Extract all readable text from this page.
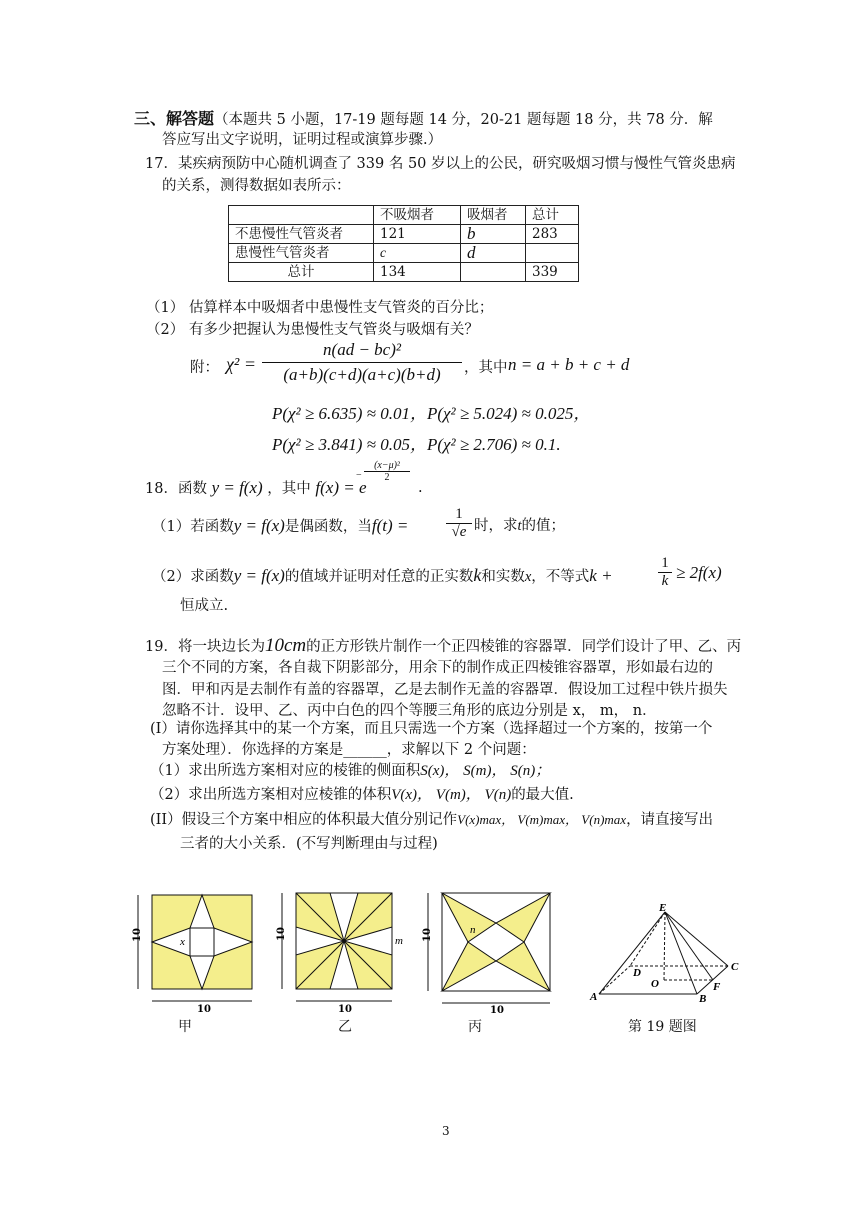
三、解答题（本题共 5 小题，17-19 题每题 14 分，20-21 题每题 18 分，共 78 分．解
答应写出文字说明，证明过程或演算步骤.）
17．某疾病预防中心随机调查了 339 名 50 岁以上的公民，研究吸烟习惯与慢性气管炎患病
的关系，测得数据如表所示：
	不吸烟者	吸烟者	总计
不患慢性气管炎者	121	b	283
患慢性气管炎者	c	d	
总计	134		339
（1） 估算样本中吸烟者中患慢性支气管炎的百分比；
（2） 有多少把握认为患慢性支气管炎与吸烟有关？
附： $\chi^2 = \frac{\text{n(ad − bc)²}}{(a+b)(c+d)(a+c)(b+d)}$ ，其中 n = a + b + c + d
P(χ² ≥ 6.635) ≈ 0.01，P(χ² ≥ 5.024) ≈ 0.025，
P(χ² ≥ 3.841) ≈ 0.05，P(χ² ≥ 2.706) ≈ 0.1.
18．函数 y = f(x) ，其中 f(x) = e
−
(x−μ)²
2
.
（1）若函数y = f(x)是偶函数，当f(t) =	$\frac{1}{√e}$ 时，求t的值；
（2）求函数y = f(x)的值域并证明对任意的正实数k和实数x，不等式k +	$\frac{1}{k} \ge 2f(x)$
恒成立.
19．将一块边长为10cm的正方形铁片制作一个正四棱锥的容器罩．同学们设计了甲、乙、丙
三个不同的方案，各自裁下阴影部分，用余下的制作成正四棱锥容器罩，形如最右边的
图．甲和丙是去制作有盖的容器罩，乙是去制作无盖的容器罩．假设加工过程中铁片损失
忽略不计．设甲、乙、丙中白色的四个等腰三角形的底边分别是 x， m， n．
(I）请你选择其中的某一个方案，而且只需选一个方案（选择超过一个方案的，按第一个
方案处理）．你选择的方案是______，求解以下 2 个问题：
（1）求出所选方案相对应的棱锥的侧面积S(x)， S(m)， S(n)；
（2）求出所选方案相对应棱锥的体积V(x)， V(m)， V(n)的最大值.
(II）假设三个方案中相应的体积最大值分别记作V(x)max， V(m)max， V(n)max，请直接写出
三者的大小关系．(不写判断理由与过程)
10
10
x
10
10
m 10
10
n
E
D	C
O	F
A	B
甲	乙	丙	第 19 题图
3
